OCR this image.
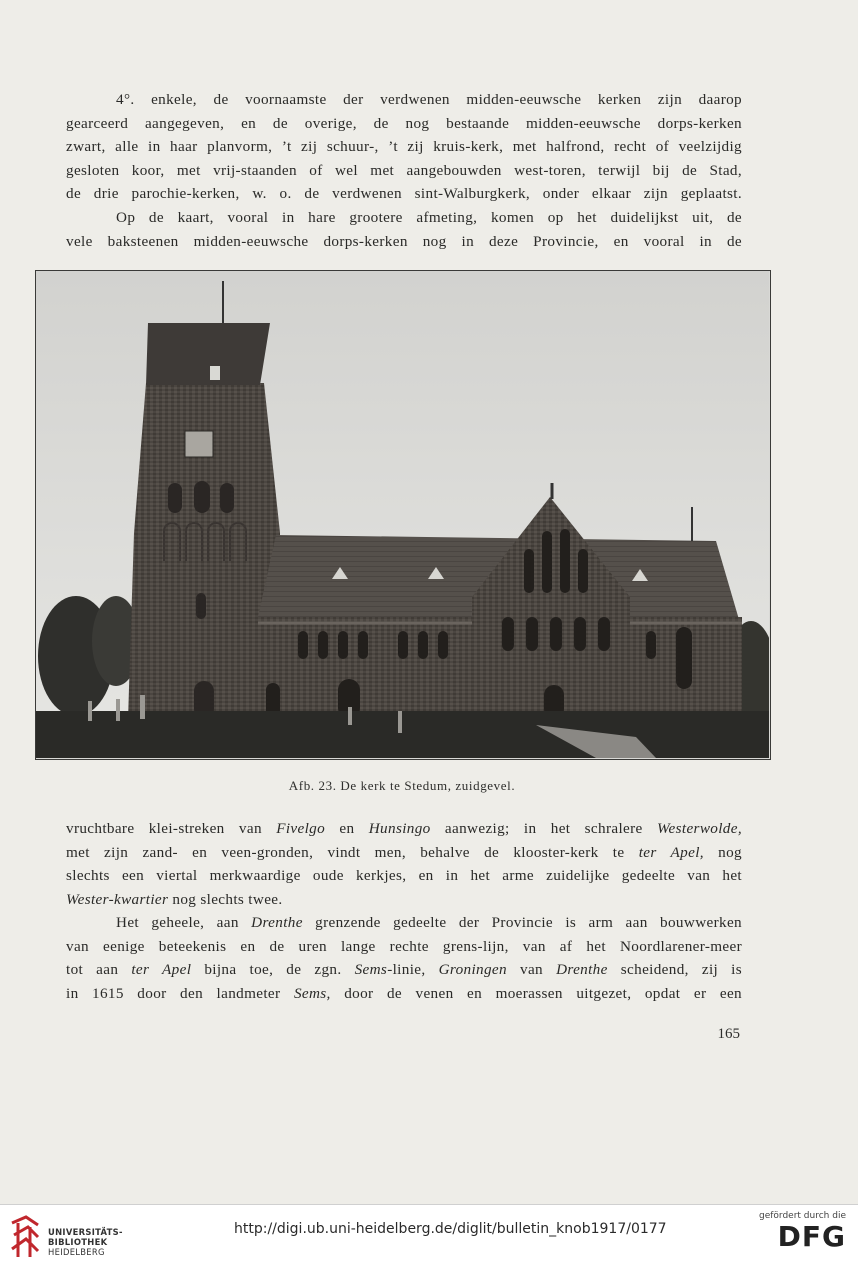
4°. enkele, de voornaamste der verdwenen midden-eeuwsche kerken zijn daarop
gearceerd aangegeven, en de overige, de nog bestaande midden-eeuwsche dorps-kerken
zwart, alle in haar planvorm, ’t zij schuur-, ’t zij kruis-kerk, met halfrond, recht of veelzijdig
gesloten koor, met vrij-staanden of wel met aangebouwden west-toren, terwijl bij de Stad,
de drie parochie-kerken, w. o. de verdwenen sint-Walburgkerk, onder elkaar zijn geplaatst.
Op de kaart, vooral in hare grootere afmeting, komen op het duidelijkst uit, de
vele baksteenen midden-eeuwsche dorps-kerken nog in deze Provincie, en vooral in de

Afb. 23. De kerk te Stedum, zuidgevel.

vruchtbare klei-streken van Fivelgo en Hunsingo aanwezig; in het schralere Westerwolde,
met zijn zand- en veen-gronden, vindt men, behalve de klooster-kerk te ter Apel, nog
slechts een viertal merkwaardige oude kerkjes, en in het arme zuidelijke gedeelte van het
Wester-kwartier nog slechts twee.

Het geheele, aan Drenthe grenzende gedeelte der Provincie is arm aan bouwwerken
van eenige beteekenis en de uren lange rechte grens-lijn, van af het Noordlarener-meer
tot aan ter Apel bijna toe, de zgn. Sems-linie, Groningen van Drenthe scheidend, zij is
in 1615 door den landmeter Sems, door de venen en moerassen uitgezet, opdat er een

165
UNIVERSITÄTS-
BIBLIOTHEK
HEIDELBERG
http://digi.ub.uni-heidelberg.de/diglit/bulletin_knob1917/0177
gefördert durch die
DFG
